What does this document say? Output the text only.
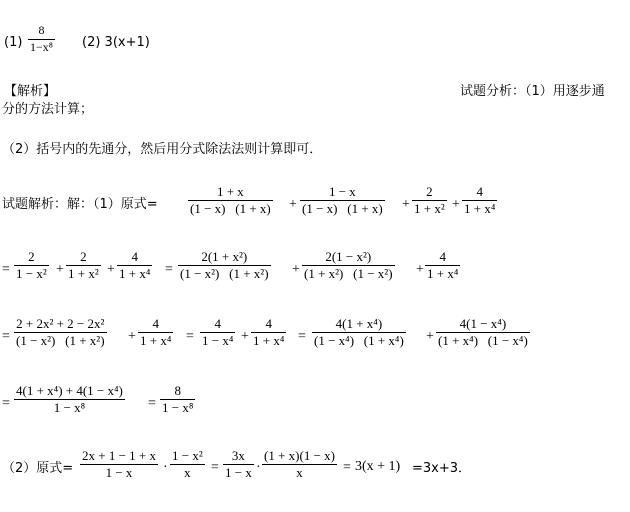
(1)
8
1−x⁸ (2) 3(x+1)
【解析】	试题分析：（1）用逐步通
分的方法计算；
（2）括号内的先通分，然后用分式除法法则计算即可．
试题解析：解：（1）原式=
1 + x
(1 − x)   (1 + x) +
1 − x
(1 − x)   (1 + x) +
2
1 + x² +
4
1 + x⁴
=
2
1 − x² +
2
1 + x² +
4
1 + x⁴ =
2(1 + x²)
(1 − x²)   (1 + x²) +
2(1 − x²)
(1 + x²)   (1 − x²) +
4
1 + x⁴
=
2 + 2x² + 2 − 2x²
(1 − x²)   (1 + x²) +
4
1 + x⁴ =
4
1 − x⁴ +
4
1 + x⁴ =
4(1 + x⁴)
(1 − x⁴)   (1 + x⁴) +
4(1 − x⁴)
(1 + x⁴)   (1 − x⁴)
=
4(1 + x⁴) + 4(1 − x⁴)
1 − x⁸	=
8
1 − x⁸
（2）原式=
2x + 1 − 1 + x
1 − x ·
1 − x²
x =
3x
1 − x ·
(1 + x)(1 − x)
x	= 3(x + 1) =3x+3．
